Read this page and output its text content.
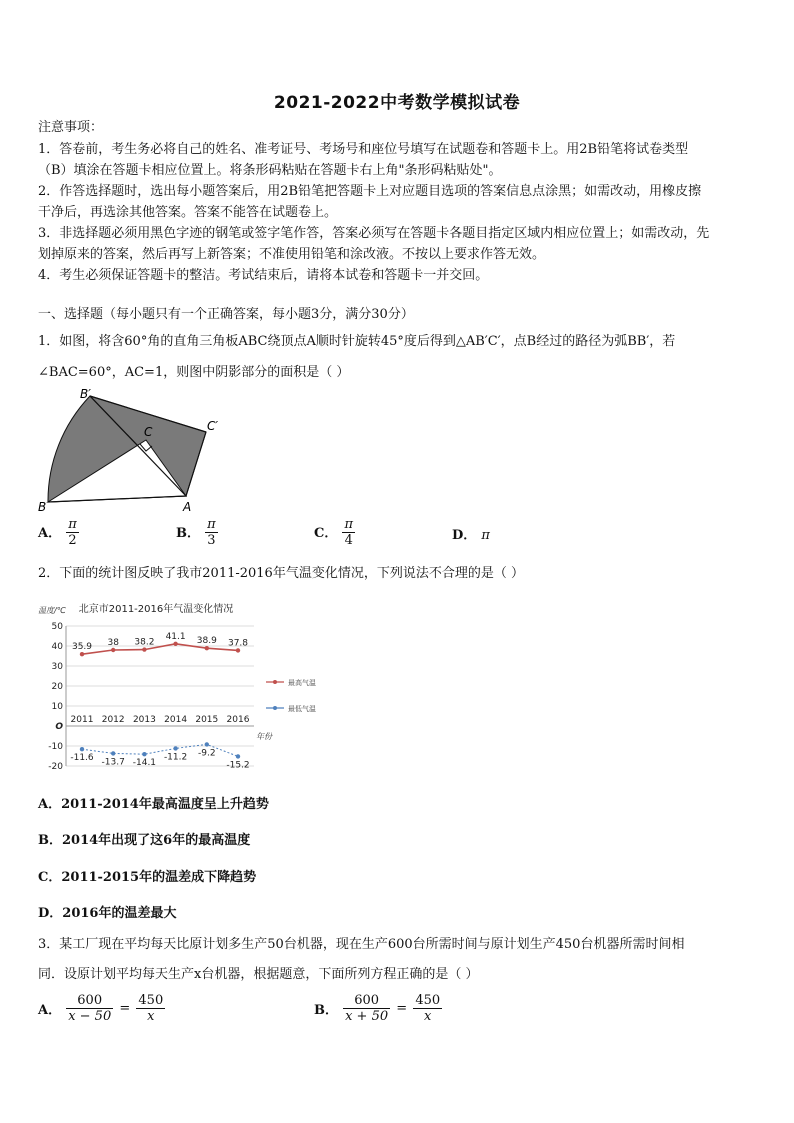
2021-2022中考数学模拟试卷
注意事项：
1．答卷前，考生务必将自己的姓名、准考证号、考场号和座位号填写在试题卷和答题卡上。用2B铅笔将试卷类型
（B）填涂在答题卡相应位置上。将条形码粘贴在答题卡右上角"条形码粘贴处"。
2．作答选择题时，选出每小题答案后，用2B铅笔把答题卡上对应题目选项的答案信息点涂黑；如需改动，用橡皮擦
干净后，再选涂其他答案。答案不能答在试题卷上。
3．非选择题必须用黑色字迹的钢笔或签字笔作答，答案必须写在答题卡各题目指定区域内相应位置上；如需改动，先
划掉原来的答案，然后再写上新答案；不准使用铅笔和涂改液。不按以上要求作答无效。
4．考生必须保证答题卡的整洁。考试结束后，请将本试卷和答题卡一并交回。
一、选择题（每小题只有一个正确答案，每小题3分，满分30分）
1．如图，将含60°角的直角三角板ABC绕顶点A顺时针旋转45°度后得到△AB′C′，点B经过的路径为弧BB′，若
∠BAC=60°，AC=1，则图中阴影部分的面积是（ ）
B′
C′
C
B	A
A． $\frac{\pi}{2}$	B． $\frac{\pi}{3}$	C． $\frac{\pi}{4}$	D． π
2．下面的统计图反映了我市2011-2016年气温变化情况，下列说法不合理的是（ ）
北京市2011-2016年气温变化情况
温度/℃
年份
50
40
30
20
10
O
-10
-20
2011 2012 2013 2014 2015 2016
35.9 38 38.2
41.1 38.9 37.8
-11.6 -13.7 -14.1
-11.2 -9.2
-15.2
最高气温
最低气温
A．2011-2014年最高温度呈上升趋势
B．2014年出现了这6年的最高温度
C．2011-2015年的温差成下降趋势
D．2016年的温差最大
3．某工厂现在平均每天比原计划多生产50台机器，现在生产600台所需时间与原计划生产450台机器所需时间相
同．设原计划平均每天生产x台机器，根据题意，下面所列方程正确的是（ ）
A． $\frac{600}{x - 50} = \frac{450}{x}$	B． $\frac{600}{x + 50} = \frac{450}{x}$
